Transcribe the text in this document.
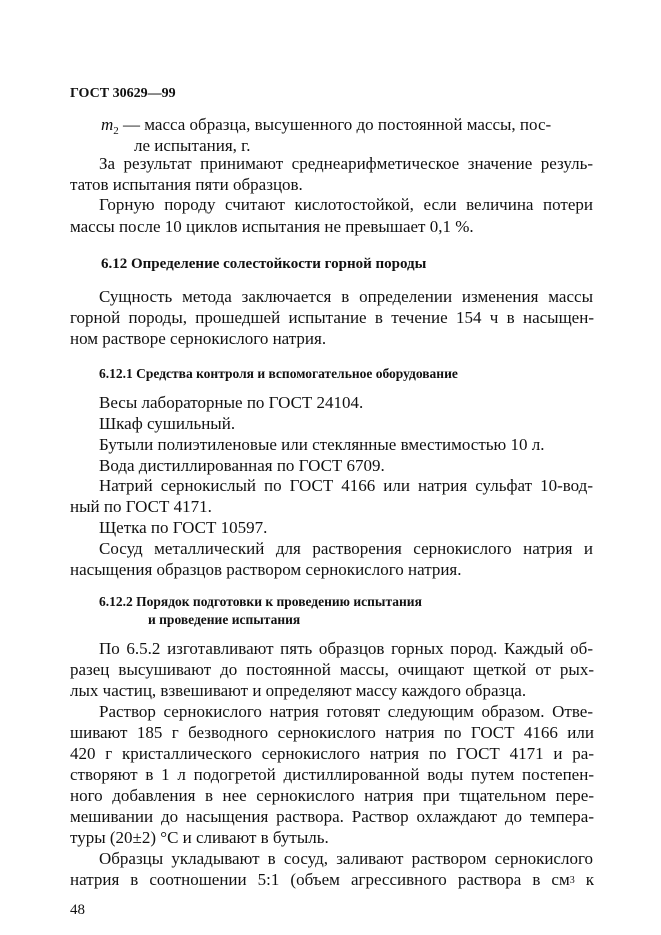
ГОСТ 30629—99
$m_2$ — масса образца, высушенного до постоянной массы, пос-
ле испытания, г.
За результат принимают среднеарифметическое значение резуль-
татов испытания пяти образцов.
Горную породу считают кислотостойкой, если величина потери
массы после 10 циклов испытания не превышает 0,1 %.
6.12 Определение солестойкости горной породы
Сущность метода заключается в определении изменения массы
горной породы, прошедшей испытание в течение 154 ч в насыщен-
ном растворе сернокислого натрия.
6.12.1 Средства контроля и вспомогательное оборудование
Весы лабораторные по ГОСТ 24104.
Шкаф сушильный.
Бутыли полиэтиленовые или стеклянные вместимостью 10 л.
Вода дистиллированная по ГОСТ 6709.
Натрий сернокислый по ГОСТ 4166 или натрия сульфат 10-вод-
ный по ГОСТ 4171.
Щетка по ГОСТ 10597.
Сосуд металлический для растворения сернокислого натрия и
насыщения образцов раствором сернокислого натрия.
6.12.2 Порядок подготовки к проведению испытания
и проведение испытания
По 6.5.2 изготавливают пять образцов горных пород. Каждый об-
разец высушивают до постоянной массы, очищают щеткой от рых-
лых частиц, взвешивают и определяют массу каждого образца.
Раствор сернокислого натрия готовят следующим образом. Отве-
шивают 185 г безводного сернокислого натрия по ГОСТ 4166 или
420 г кристаллического сернокислого натрия по ГОСТ 4171 и ра-
створяют в 1 л подогретой дистиллированной воды путем постепен-
ного добавления в нее сернокислого натрия при тщательном пере-
мешивании до насыщения раствора. Раствор охлаждают до темпера-
туры (20±2) °С и сливают в бутыль.
Образцы укладывают в сосуд, заливают раствором сернокислого
натрия в соотношении 5:1 (объем агрессивного раствора в $см^3$ к
48
